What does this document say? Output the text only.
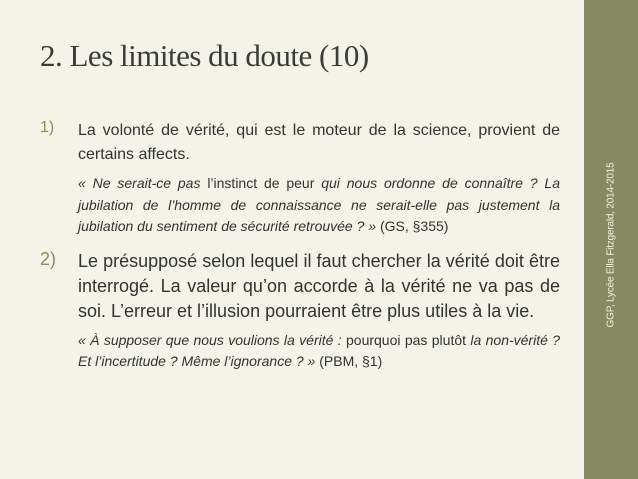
GGP, Lycée Ella Fitzgerald, 2014-2015
2. Les limites du doute (10)
1)	La volonté de vérité, qui est le moteur de la science, provient de certains affects.

« Ne serait-ce pas l’instinct de peur qui nous ordonne de connaître ? La jubilation de l’homme de connaissance ne serait-elle pas justement la jubilation du sentiment de sécurité retrouvée ? » (GS, §355)

2)	Le présupposé selon lequel il faut chercher la vérité doit être interrogé. La valeur qu’on accorde à la vérité ne va pas de soi. L’erreur et l’illusion pourraient être plus utiles à la vie.

« À supposer que nous voulions la vérité : pourquoi pas plutôt la non-vérité ? Et l’incertitude ? Même l’ignorance ? » (PBM, §1)
